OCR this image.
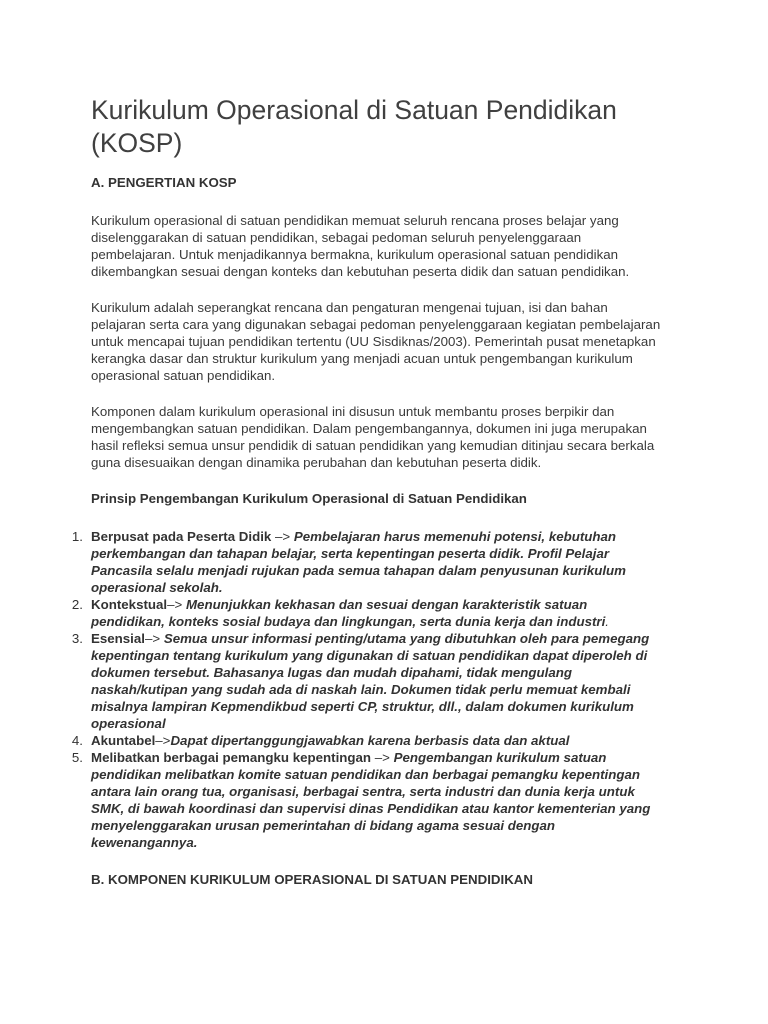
Kurikulum Operasional di Satuan Pendidikan (KOSP)
A. PENGERTIAN KOSP

Kurikulum operasional di satuan pendidikan memuat seluruh rencana proses belajar yang diselenggarakan di satuan pendidikan, sebagai pedoman seluruh penyelenggaraan pembelajaran. Untuk menjadikannya bermakna, kurikulum operasional satuan pendidikan dikembangkan sesuai dengan konteks dan kebutuhan peserta didik dan satuan pendidikan.

Kurikulum adalah seperangkat rencana dan pengaturan mengenai tujuan, isi dan bahan pelajaran serta cara yang digunakan sebagai pedoman penyelenggaraan kegiatan pembelajaran untuk mencapai tujuan pendidikan tertentu (UU Sisdiknas/2003). Pemerintah pusat menetapkan kerangka dasar dan struktur kurikulum yang menjadi acuan untuk pengembangan kurikulum operasional satuan pendidikan.

Komponen dalam kurikulum operasional ini disusun untuk membantu proses berpikir dan mengembangkan satuan pendidikan. Dalam pengembangannya, dokumen ini juga merupakan hasil refleksi semua unsur pendidik di satuan pendidikan yang kemudian ditinjau secara berkala guna disesuaikan dengan dinamika perubahan dan kebutuhan peserta didik.

Prinsip Pengembangan Kurikulum Operasional di Satuan Pendidikan
1. Berpusat pada Peserta Didik –> Pembelajaran harus memenuhi potensi, kebutuhan perkembangan dan tahapan belajar, serta kepentingan peserta didik. Profil Pelajar Pancasila selalu menjadi rujukan pada semua tahapan dalam penyusunan kurikulum operasional sekolah.
2. Kontekstual–> Menunjukkan kekhasan dan sesuai dengan karakteristik satuan pendidikan, konteks sosial budaya dan lingkungan, serta dunia kerja dan industri.
3. Esensial–> Semua unsur informasi penting/utama yang dibutuhkan oleh para pemegang kepentingan tentang kurikulum yang digunakan di satuan pendidikan dapat diperoleh di dokumen tersebut. Bahasanya lugas dan mudah dipahami, tidak mengulang naskah/kutipan yang sudah ada di naskah lain. Dokumen tidak perlu memuat kembali misalnya lampiran Kepmendikbud seperti CP, struktur, dll., dalam dokumen kurikulum operasional
4. Akuntabel–>Dapat dipertanggungjawabkan karena berbasis data dan aktual
5. Melibatkan berbagai pemangku kepentingan –> Pengembangan kurikulum satuan pendidikan melibatkan komite satuan pendidikan dan berbagai pemangku kepentingan antara lain orang tua, organisasi, berbagai sentra, serta industri dan dunia kerja untuk SMK, di bawah koordinasi dan supervisi dinas Pendidikan atau kantor kementerian yang menyelenggarakan urusan pemerintahan di bidang agama sesuai dengan kewenangannya.
B. KOMPONEN KURIKULUM OPERASIONAL DI SATUAN PENDIDIKAN
